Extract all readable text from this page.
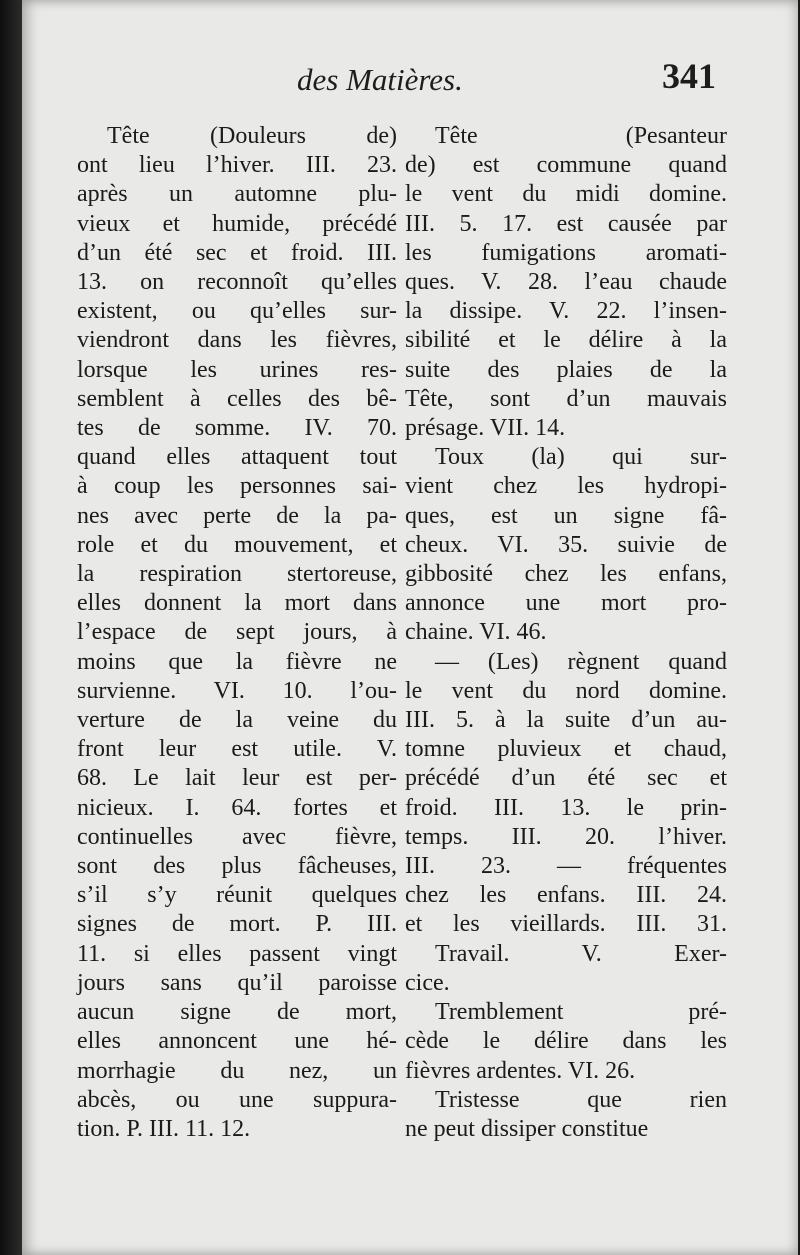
des Matières.	341
Tête (Douleurs de)
ont lieu l’hiver. III. 23.
après un automne plu-
vieux et humide, précédé
d’un été sec et froid. III.
13. on reconnoît qu’elles
existent, ou qu’elles sur-
viendront dans les fièvres,
lorsque les urines res-
semblent à celles des bê-
tes de somme. IV. 70.
quand elles attaquent tout
à coup les personnes sai-
nes avec perte de la pa-
role et du mouvement, et
la respiration stertoreuse,
elles donnent la mort dans
l’espace de sept jours, à
moins que la fièvre ne
survienne. VI. 10. l’ou-
verture de la veine du
front leur est utile. V.
68. Le lait leur est per-
nicieux. I. 64. fortes et
continuelles avec fièvre,
sont des plus fâcheuses,
s’il s’y réunit quelques
signes de mort. P. III.
11. si elles passent vingt
jours sans qu’il paroisse
aucun signe de mort,
elles annoncent une hé-
morrhagie du nez, un
abcès, ou une suppura-
tion. P. III. 11. 12.
Tête (Pesanteur
de) est commune quand
le vent du midi domine.
III. 5. 17. est causée par
les fumigations aromati-
ques. V. 28. l’eau chaude
la dissipe. V. 22. l’insen-
sibilité et le délire à la
suite des plaies de la
Tête, sont d’un mauvais
présage. VII. 14.
Toux (la) qui sur-
vient chez les hydropi-
ques, est un signe fâ-
cheux. VI. 35. suivie de
gibbosité chez les enfans,
annonce une mort pro-
chaine. VI. 46.
— (Les) règnent quand
le vent du nord domine.
III. 5. à la suite d’un au-
tomne pluvieux et chaud,
précédé d’un été sec et
froid. III. 13. le prin-
temps. III. 20. l’hiver.
III. 23. — fréquentes
chez les enfans. III. 24.
et les vieillards. III. 31.
Travail. V. Exer-
cice.
Tremblement pré-
cède le délire dans les
fièvres ardentes. VI. 26.
Tristesse que rien
ne peut dissiper constitue
